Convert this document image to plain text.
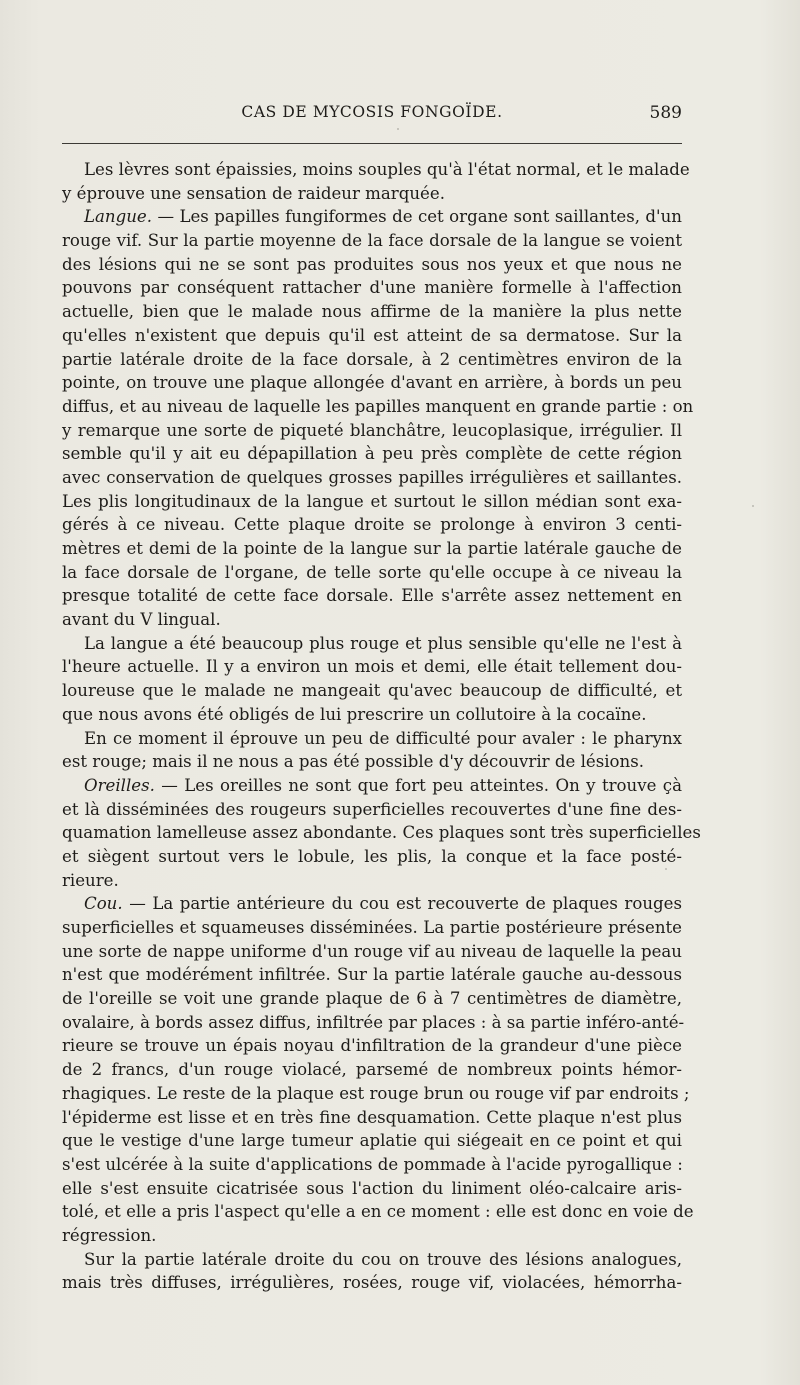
CAS DE MYCOSIS FONGOÏDE.	589
Les lèvres sont épaissies, moins souples qu'à l'état normal, et le malade
y éprouve une sensation de raideur marquée.
Langue. — Les papilles fungiformes de cet organe sont saillantes, d'un
rouge vif. Sur la partie moyenne de la face dorsale de la langue se voient
des lésions qui ne se sont pas produites sous nos yeux et que nous ne
pouvons par conséquent rattacher d'une manière formelle à l'affection
actuelle, bien que le malade nous affirme de la manière la plus nette
qu'elles n'existent que depuis qu'il est atteint de sa dermatose. Sur la
partie latérale droite de la face dorsale, à 2 centimètres environ de la
pointe, on trouve une plaque allongée d'avant en arrière, à bords un peu
diffus, et au niveau de laquelle les papilles manquent en grande partie : on
y remarque une sorte de piqueté blanchâtre, leucoplasique, irrégulier. Il
semble qu'il y ait eu dépapillation à peu près complète de cette région
avec conservation de quelques grosses papilles irrégulières et saillantes.
Les plis longitudinaux de la langue et surtout le sillon médian sont exa-
gérés à ce niveau. Cette plaque droite se prolonge à environ 3 centi-
mètres et demi de la pointe de la langue sur la partie latérale gauche de
la face dorsale de l'organe, de telle sorte qu'elle occupe à ce niveau la
presque totalité de cette face dorsale. Elle s'arrête assez nettement en
avant du V lingual.
La langue a été beaucoup plus rouge et plus sensible qu'elle ne l'est à
l'heure actuelle. Il y a environ un mois et demi, elle était tellement dou-
loureuse que le malade ne mangeait qu'avec beaucoup de difficulté, et
que nous avons été obligés de lui prescrire un collutoire à la cocaïne.
En ce moment il éprouve un peu de difficulté pour avaler : le pharynx
est rouge; mais il ne nous a pas été possible d'y découvrir de lésions.
Oreilles. — Les oreilles ne sont que fort peu atteintes. On y trouve çà
et là disséminées des rougeurs superficielles recouvertes d'une fine des-
quamation lamelleuse assez abondante. Ces plaques sont très superficielles
et siègent surtout vers le lobule, les plis, la conque et la face posté-
rieure.
Cou. — La partie antérieure du cou est recouverte de plaques rouges
superficielles et squameuses disséminées. La partie postérieure présente
une sorte de nappe uniforme d'un rouge vif au niveau de laquelle la peau
n'est que modérément infiltrée. Sur la partie latérale gauche au-dessous
de l'oreille se voit une grande plaque de 6 à 7 centimètres de diamètre,
ovalaire, à bords assez diffus, infiltrée par places : à sa partie inféro-anté-
rieure se trouve un épais noyau d'infiltration de la grandeur d'une pièce
de 2 francs, d'un rouge violacé, parsemé de nombreux points hémor-
rhagiques. Le reste de la plaque est rouge brun ou rouge vif par endroits ;
l'épiderme est lisse et en très fine desquamation. Cette plaque n'est plus
que le vestige d'une large tumeur aplatie qui siégeait en ce point et qui
s'est ulcérée à la suite d'applications de pommade à l'acide pyrogallique :
elle s'est ensuite cicatrisée sous l'action du liniment oléo-calcaire aris-
tolé, et elle a pris l'aspect qu'elle a en ce moment : elle est donc en voie de
régression.
Sur la partie latérale droite du cou on trouve des lésions analogues,
mais très diffuses, irrégulières, rosées, rouge vif, violacées, hémorrha-
